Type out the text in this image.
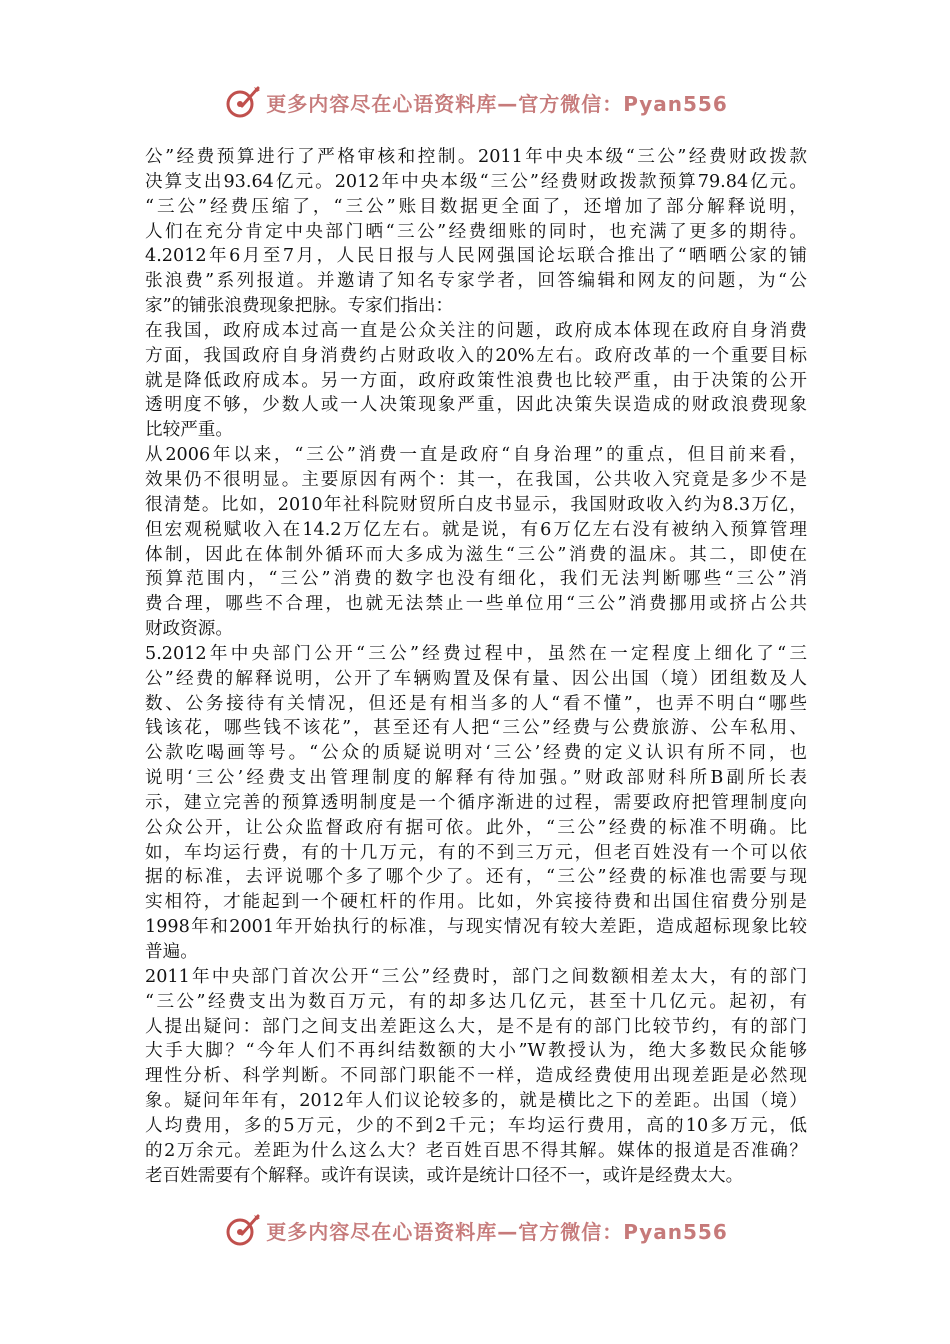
更多内容尽在心语资料库—官方微信：Pyan556
公”经费预算进行了严格审核和控制。2011年中央本级“三公”经费财政拨款
决算支出93.64亿元。2012年中央本级“三公”经费财政拨款预算79.84亿元。
“三公”经费压缩了，“三公”账目数据更全面了，还增加了部分解释说明，
人们在充分肯定中央部门晒“三公”经费细账的同时，也充满了更多的期待。
4.2012年6月至7月，人民日报与人民网强国论坛联合推出了“晒晒公家的铺
张浪费”系列报道。并邀请了知名专家学者，回答编辑和网友的问题，为“公
家”的铺张浪费现象把脉。专家们指出：
在我国，政府成本过高一直是公众关注的问题，政府成本体现在政府自身消费
方面，我国政府自身消费约占财政收入的20%左右。政府改革的一个重要目标
就是降低政府成本。另一方面，政府政策性浪费也比较严重，由于决策的公开
透明度不够，少数人或一人决策现象严重，因此决策失误造成的财政浪费现象
比较严重。
从2006年以来，“三公”消费一直是政府“自身治理”的重点，但目前来看，
效果仍不很明显。主要原因有两个：其一，在我国，公共收入究竟是多少不是
很清楚。比如，2010年社科院财贸所白皮书显示，我国财政收入约为8.3万亿，
但宏观税赋收入在14.2万亿左右。就是说，有6万亿左右没有被纳入预算管理
体制，因此在体制外循环而大多成为滋生“三公”消费的温床。其二，即使在
预算范围内，“三公”消费的数字也没有细化，我们无法判断哪些“三公”消
费合理，哪些不合理，也就无法禁止一些单位用“三公”消费挪用或挤占公共
财政资源。
5.2012年中央部门公开“三公”经费过程中，虽然在一定程度上细化了“三
公”经费的解释说明，公开了车辆购置及保有量、因公出国（境）团组数及人
数、公务接待有关情况，但还是有相当多的人“看不懂”，也弄不明白“哪些
钱该花，哪些钱不该花”，甚至还有人把“三公”经费与公费旅游、公车私用、
公款吃喝画等号。“公众的质疑说明对‘三公’经费的定义认识有所不同，也
说明‘三公’经费支出管理制度的解释有待加强。”财政部财科所B副所长表
示，建立完善的预算透明制度是一个循序渐进的过程，需要政府把管理制度向
公众公开，让公众监督政府有据可依。此外，“三公”经费的标准不明确。比
如，车均运行费，有的十几万元，有的不到三万元，但老百姓没有一个可以依
据的标准，去评说哪个多了哪个少了。还有，“三公”经费的标准也需要与现
实相符，才能起到一个硬杠杆的作用。比如，外宾接待费和出国住宿费分别是
1998年和2001年开始执行的标准，与现实情况有较大差距，造成超标现象比较
普遍。
2011年中央部门首次公开“三公”经费时，部门之间数额相差太大，有的部门
“三公”经费支出为数百万元，有的却多达几亿元，甚至十几亿元。起初，有
人提出疑问：部门之间支出差距这么大，是不是有的部门比较节约，有的部门
大手大脚？“今年人们不再纠结数额的大小”W教授认为，绝大多数民众能够
理性分析、科学判断。不同部门职能不一样，造成经费使用出现差距是必然现
象。疑问年年有，2012年人们议论较多的，就是横比之下的差距。出国（境）
人均费用，多的5万元，少的不到2千元；车均运行费用，高的10多万元，低
的2万余元。差距为什么这么大？老百姓百思不得其解。媒体的报道是否准确？
老百姓需要有个解释。或许有误读，或许是统计口径不一，或许是经费太大。
更多内容尽在心语资料库—官方微信：Pyan556
